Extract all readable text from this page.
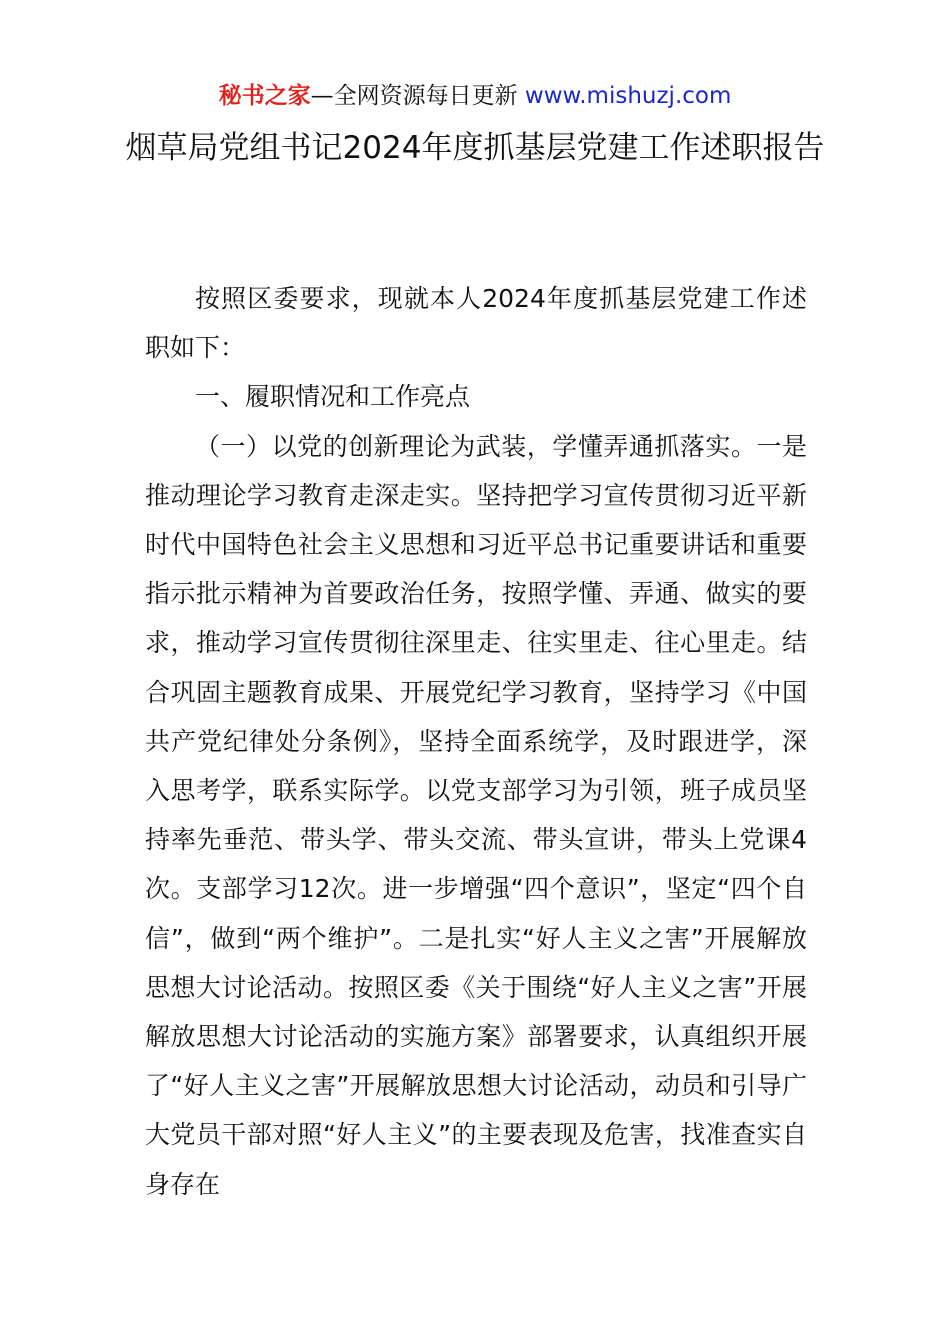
秘书之家—全网资源每日更新 www.mishuzj.com
烟草局党组书记2024年度抓基层党建工作述职报告

按照区委要求，现就本人2024年度抓基层党建工作述职如下：

一、履职情况和工作亮点

（一）以党的创新理论为武装，学懂弄通抓落实。一是推动理论学习教育走深走实。坚持把学习宣传贯彻习近平新时代中国特色社会主义思想和习近平总书记重要讲话和重要指示批示精神为首要政治任务，按照学懂、弄通、做实的要求，推动学习宣传贯彻往深里走、往实里走、往心里走。结合巩固主题教育成果、开展党纪学习教育，坚持学习《中国共产党纪律处分条例》，坚持全面系统学，及时跟进学，深入思考学，联系实际学。以党支部学习为引领，班子成员坚持率先垂范、带头学、带头交流、带头宣讲，带头上党课4次。支部学习12次。进一步增强“四个意识”，坚定“四个自信”，做到“两个维护”。二是扎实“好人主义之害”开展解放思想大讨论活动。按照区委《关于围绕“好人主义之害”开展解放思想大讨论活动的实施方案》部署要求，认真组织开展了“好人主义之害”开展解放思想大讨论活动，动员和引导广大党员干部对照“好人主义”的主要表现及危害，找准查实自身存在
